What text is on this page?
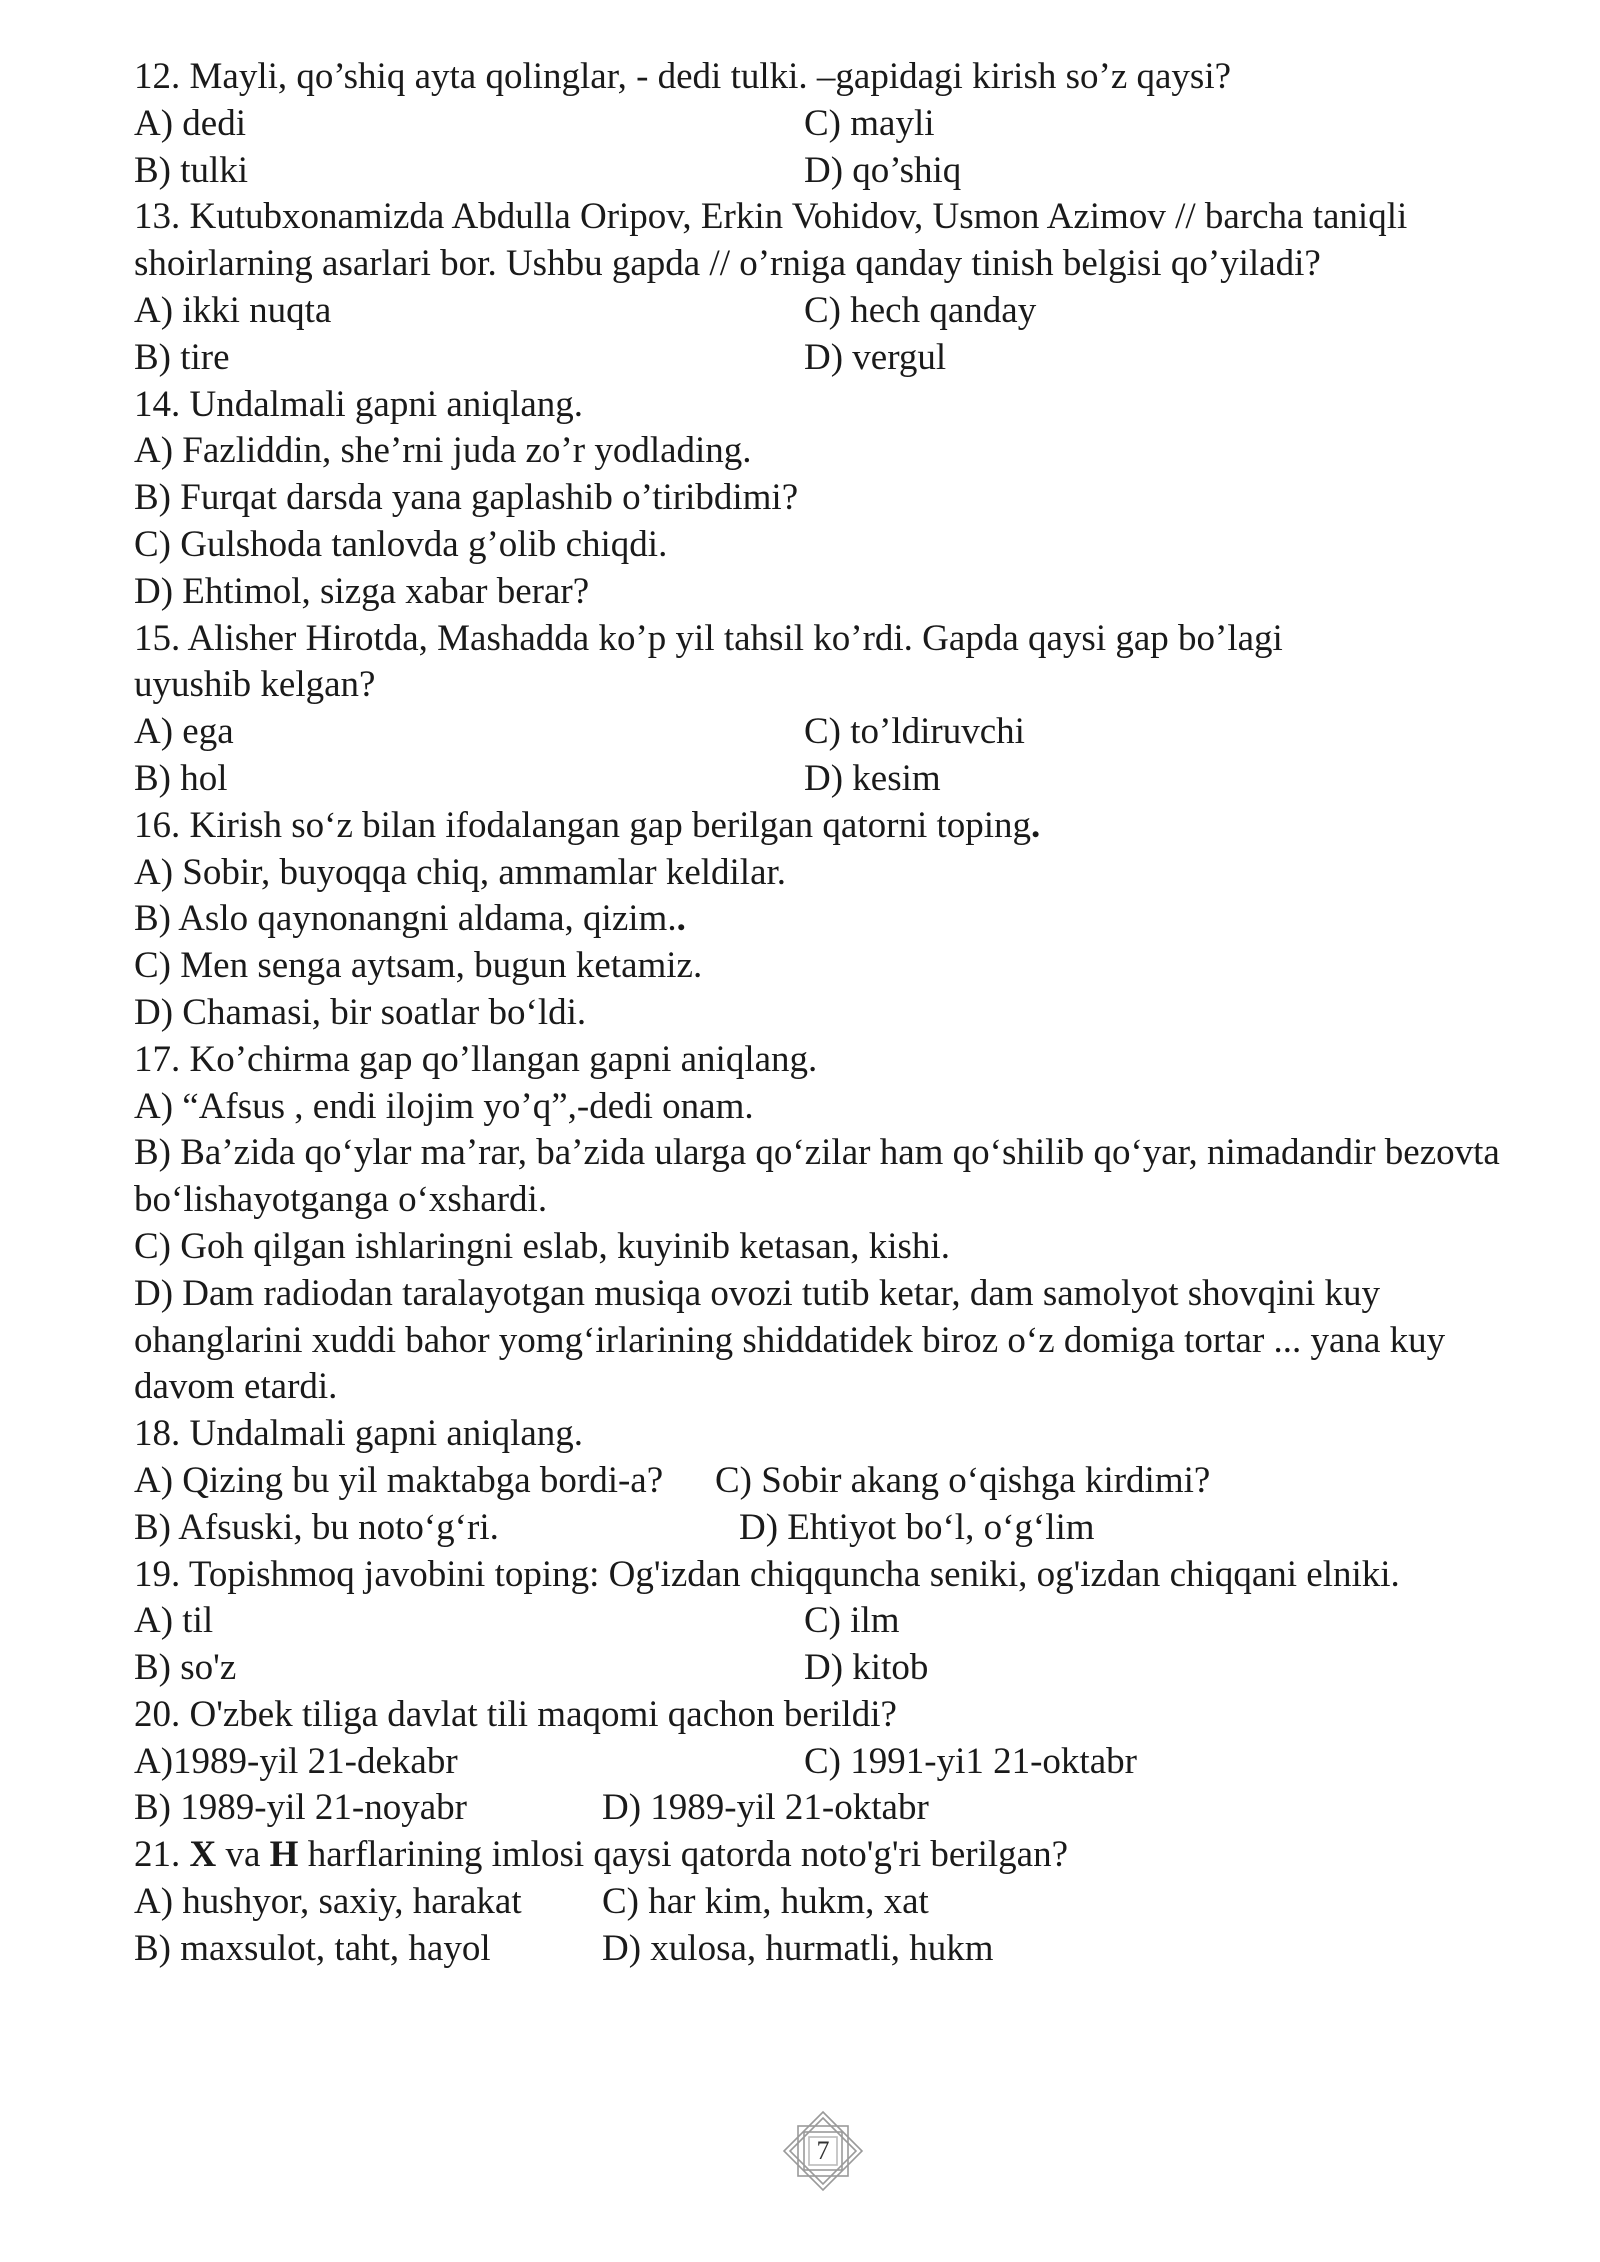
12. Mayli, qo’shiq ayta qolinglar, - dedi tulki. –gapidagi kirish so’z qaysi?
A) dedi	C) mayli
B) tulki	D) qo’shiq
13. Kutubxonamizda Abdulla Oripov, Erkin Vohidov, Usmon Azimov // barcha taniqli shoirlarning asarlari bor. Ushbu gapda // o’rniga qanday tinish belgisi qo’yiladi?
A) ikki nuqta	C) hech qanday
B) tire	D) vergul
14. Undalmali gapni aniqlang.
A) Fazliddin, she’rni juda zo’r yodlading.
B) Furqat darsda yana gaplashib o’tiribdimi?
C) Gulshoda tanlovda g’olib chiqdi.
D) Ehtimol, sizga xabar berar?
15. Alisher Hirotda, Mashadda ko’p yil tahsil ko’rdi. Gapda qaysi gap bo’lagi uyushib kelgan?
A) ega	C) to’ldiruvchi
B) hol	D) kesim
16. Kirish so‘z bilan ifodalangan gap berilgan qatorni toping.
A) Sobir, buyoqqa chiq, ammamlar keldilar.
B) Aslo qaynonangni aldama, qizim..
C) Men senga aytsam, bugun ketamiz.
D) Chamasi, bir soatlar bo‘ldi.
17. Ko’chirma gap qo’llangan gapni aniqlang.
A) “Afsus , endi ilojim yo’q”,-dedi onam.
B) Ba’zida qo‘ylar ma’rar, ba’zida ularga qo‘zilar ham qo‘shilib qo‘yar, nimadandir bezovta bo‘lishayotganga o‘xshardi.
C) Goh qilgan ishlaringni eslab, kuyinib ketasan, kishi.
D) Dam radiodan taralayotgan musiqa ovozi tutib ketar, dam samolyot shovqini kuy ohanglarini xuddi bahor yomg‘irlarining shiddatidek biroz o‘z domiga tortar ... yana kuy davom etardi.
18. Undalmali gapni aniqlang.
A) Qizing bu yil maktabga bordi-a?	C) Sobir akang o‘qishga kirdimi?
B) Afsuski, bu noto‘g‘ri.	D) Ehtiyot bo‘l, o‘g‘lim
19. Topishmoq javobini toping: Og'izdan chiqquncha seniki, og'izdan chiqqani elniki.
A) til	C) ilm
B) so'z	D) kitob
20. O'zbek tiliga davlat tili maqomi qachon berildi?
A)1989-yil 21-dekabr	C) 1991-yi1 21-oktabr
B) 1989-yil 21-noyabr	D) 1989-yil 21-oktabr
21. X va H harflarining imlosi qaysi qatorda noto'g'ri berilgan?
A) hushyor, saxiy, harakat	C) har kim, hukm, xat
B) maxsulot, taht, hayol	D) xulosa, hurmatli, hukm
7
